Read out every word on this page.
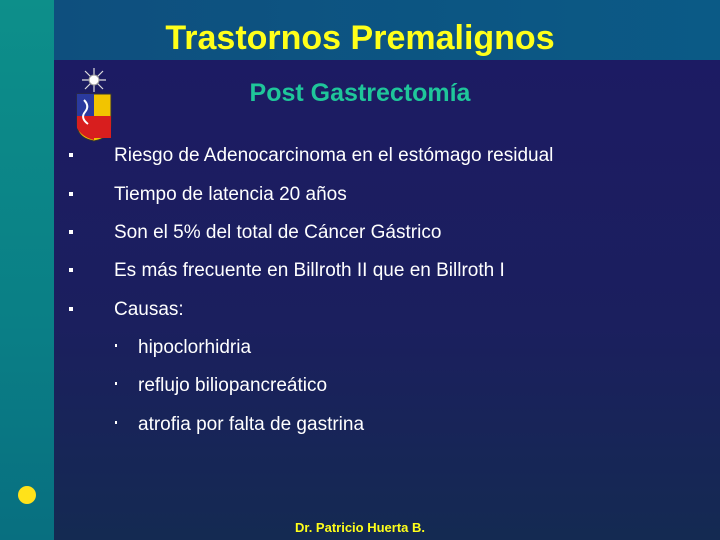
Trastornos Premalignos
Post Gastrectomía
Riesgo de Adenocarcinoma en el estómago residual
Tiempo de latencia 20 años
Son el 5% del total de Cáncer Gástrico
Es más frecuente en Billroth II que en Billroth I
Causas:
hipoclorhidria
reflujo biliopancreático
atrofia por falta de gastrina

Dr. Patricio Huerta B.
